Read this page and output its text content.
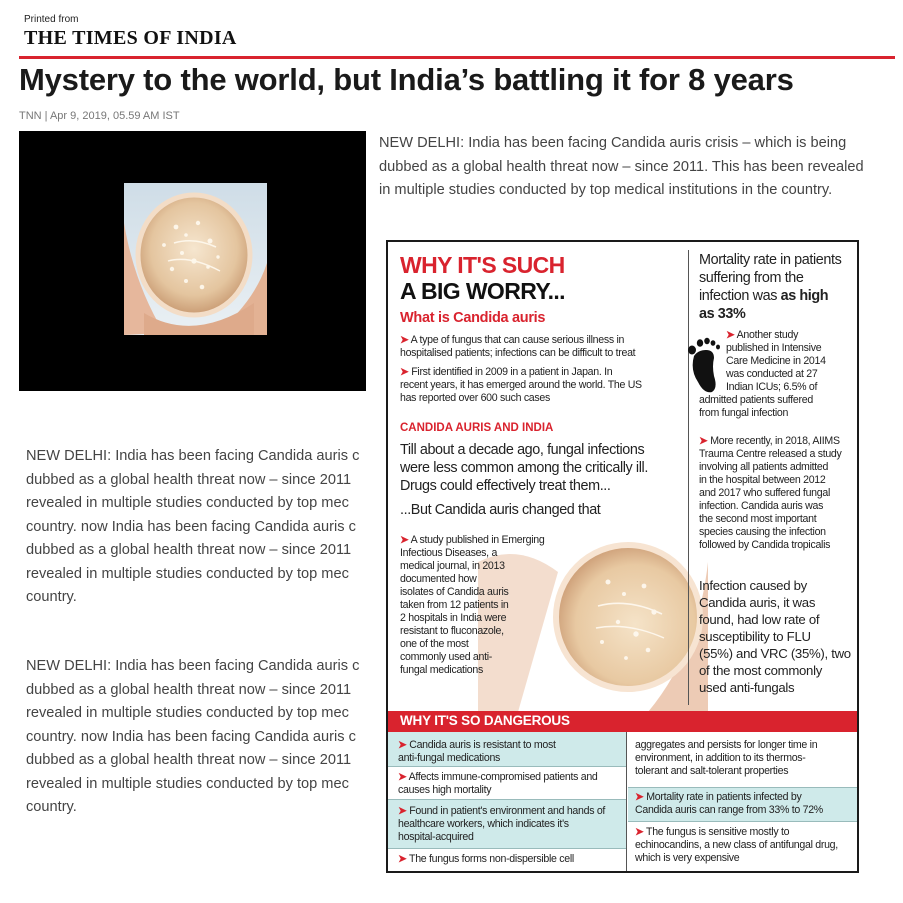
Printed from
THE TIMES OF INDIA
Mystery to the world, but India’s battling it for 8 years
TNN | Apr 9, 2019, 05.59 AM IST
NEW DELHI: India has been facing Candida auris crisis – which is being dubbed as a global health threat now – since 2011. This has been revealed in multiple studies conducted by top medical institutions in the country.

NEW DELHI: India has been facing Candida auris c

dubbed as a global health threat now – since 2011

revealed in multiple studies conducted by top mec

country. now India has been facing Candida auris c

dubbed as a global health threat now – since 2011

revealed in multiple studies conducted by top mec

country.

NEW DELHI: India has been facing Candida auris c

dubbed as a global health threat now – since 2011

revealed in multiple studies conducted by top mec

country. now India has been facing Candida auris c

dubbed as a global health threat now – since 2011

revealed in multiple studies conducted by top mec

country.

WHY IT'S SUCH
A BIG WORRY...
What is Candida auris
➤ A type of fungus that can cause serious illness in
hospitalised patients; infections can be difficult to treat
➤ First identified in 2009 in a patient in Japan. In
recent years, it has emerged around the world. The US
has reported over 600 such cases
CANDIDA AURIS AND INDIA
Till about a decade ago, fungal infections
were less common among the critically ill.
Drugs could effectively treat them...
...But Candida auris changed that
➤ A study published in Emerging
Infectious Diseases, a
medical journal, in 2013
documented how
isolates of Candida auris
taken from 12 patients in
2 hospitals in India were
resistant to fluconazole,
one of the most
commonly used anti-
fungal medications
Mortality rate in patients
suffering from the
infection was as high
as 33%
➤ Another study
published in Intensive
Care Medicine in 2014
was conducted at 27
Indian ICUs; 6.5% of
admitted patients suffered
from fungal infection
➤ More recently, in 2018, AIIMS
Trauma Centre released a study
involving all patients admitted
in the hospital between 2012
and 2017 who suffered fungal
infection. Candida auris was
the second most important
species causing the infection
followed by Candida tropicalis
Infection caused by
Candida auris, it was
found, had low rate of
susceptibility to FLU
(55%) and VRC (35%), two
of the most commonly
used anti-fungals
WHY IT'S SO DANGEROUS
➤ Candida auris is resistant to most
anti-fungal medications
➤ Affects immune-compromised patients and
causes high mortality
➤ Found in patient's environment and hands of
healthcare workers, which indicates it's
hospital-acquired
➤ The fungus forms non-dispersible cell
aggregates and persists for longer time in
environment, in addition to its thermos-
tolerant and salt-tolerant properties
➤ Mortality rate in patients infected by
Candida auris can range from 33% to 72%
➤ The fungus is sensitive mostly to
echinocandins, a new class of antifungal drug,
which is very expensive
